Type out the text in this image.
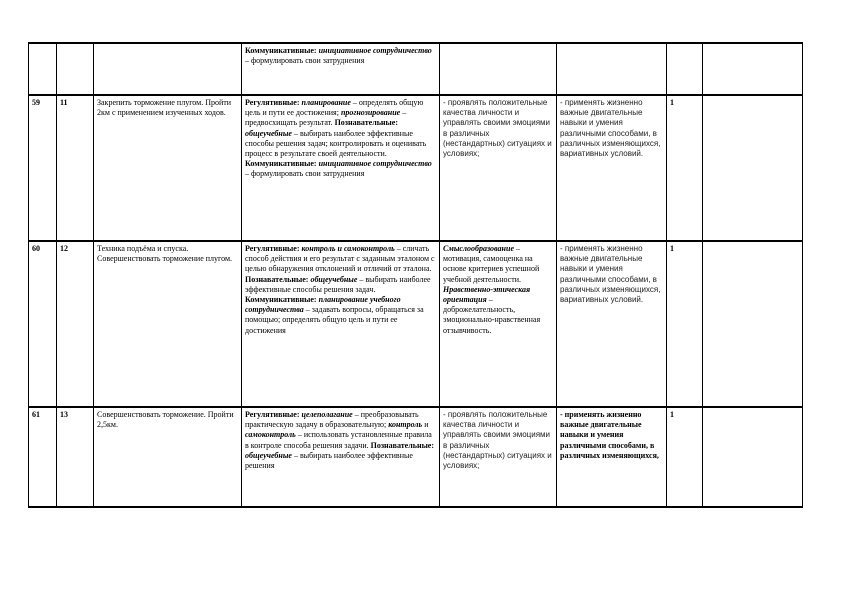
			Коммуникативные: инициативное сотрудничество – формулировать свои затруднения				
59	11	Закрепить торможение плугом. Пройти 2км с применением изученных ходов.	Регулятивные: планирование – определять общую цель и пути ее достижения; прогнозирование – предвосхищать результат. Познавательные: общеучебные – выбирать наиболее эффективные способы решения задач; контролировать и оценивать процесс в результате своей деятельности. Коммуникативные: инициативное сотрудничество – формулировать свои затруднения	- проявлять положительные качества личности и управлять своими эмоциями в различных (нестандартных) ситуациях и условиях;	- применять жизненно важные двигательные навыки и умения различными способами, в различных изменяющихся, вариативных условий.	1	
60	12	Техника подъёма и спуска. Совершенствовать торможение плугом.	Регулятивные: контроль и самоконтроль – сличать способ действия и его результат с заданным эталоном с целью обнаружения отклонений и отличий от эталона. Познавательные: общеучебные – выбирать наиболее эффективные способы решения задач. Коммуникативные: планирование учебного сотрудничества – задавать вопросы, обращаться за помощью; определять общую цель и пути ее достижения	Смыслообразование – мотивация, самооценка на основе критериев успешной учебной деятельности. Нравственно-этическая ориентация – доброжелательность, эмоционально-нравственная отзывчивость.	- применять жизненно важные двигательные навыки и умения различными способами, в различных изменяющихся, вариативных условий.	1	
61	13	Совершенствовать торможение. Пройти 2,5км.	Регулятивные: целеполагание – преобразовывать практическую задачу в образовательную; контроль и самоконтроль – использовать установленные правила в контроле способа решения задачи. Познавательные: общеучебные – выбирать наиболее эффективные решения	- проявлять положительные качества личности и управлять своими эмоциями в различных (нестандартных) ситуациях и условиях;	- применять жизненно важные двигательные навыки и умения различными способами, в различных изменяющихся,	1	
